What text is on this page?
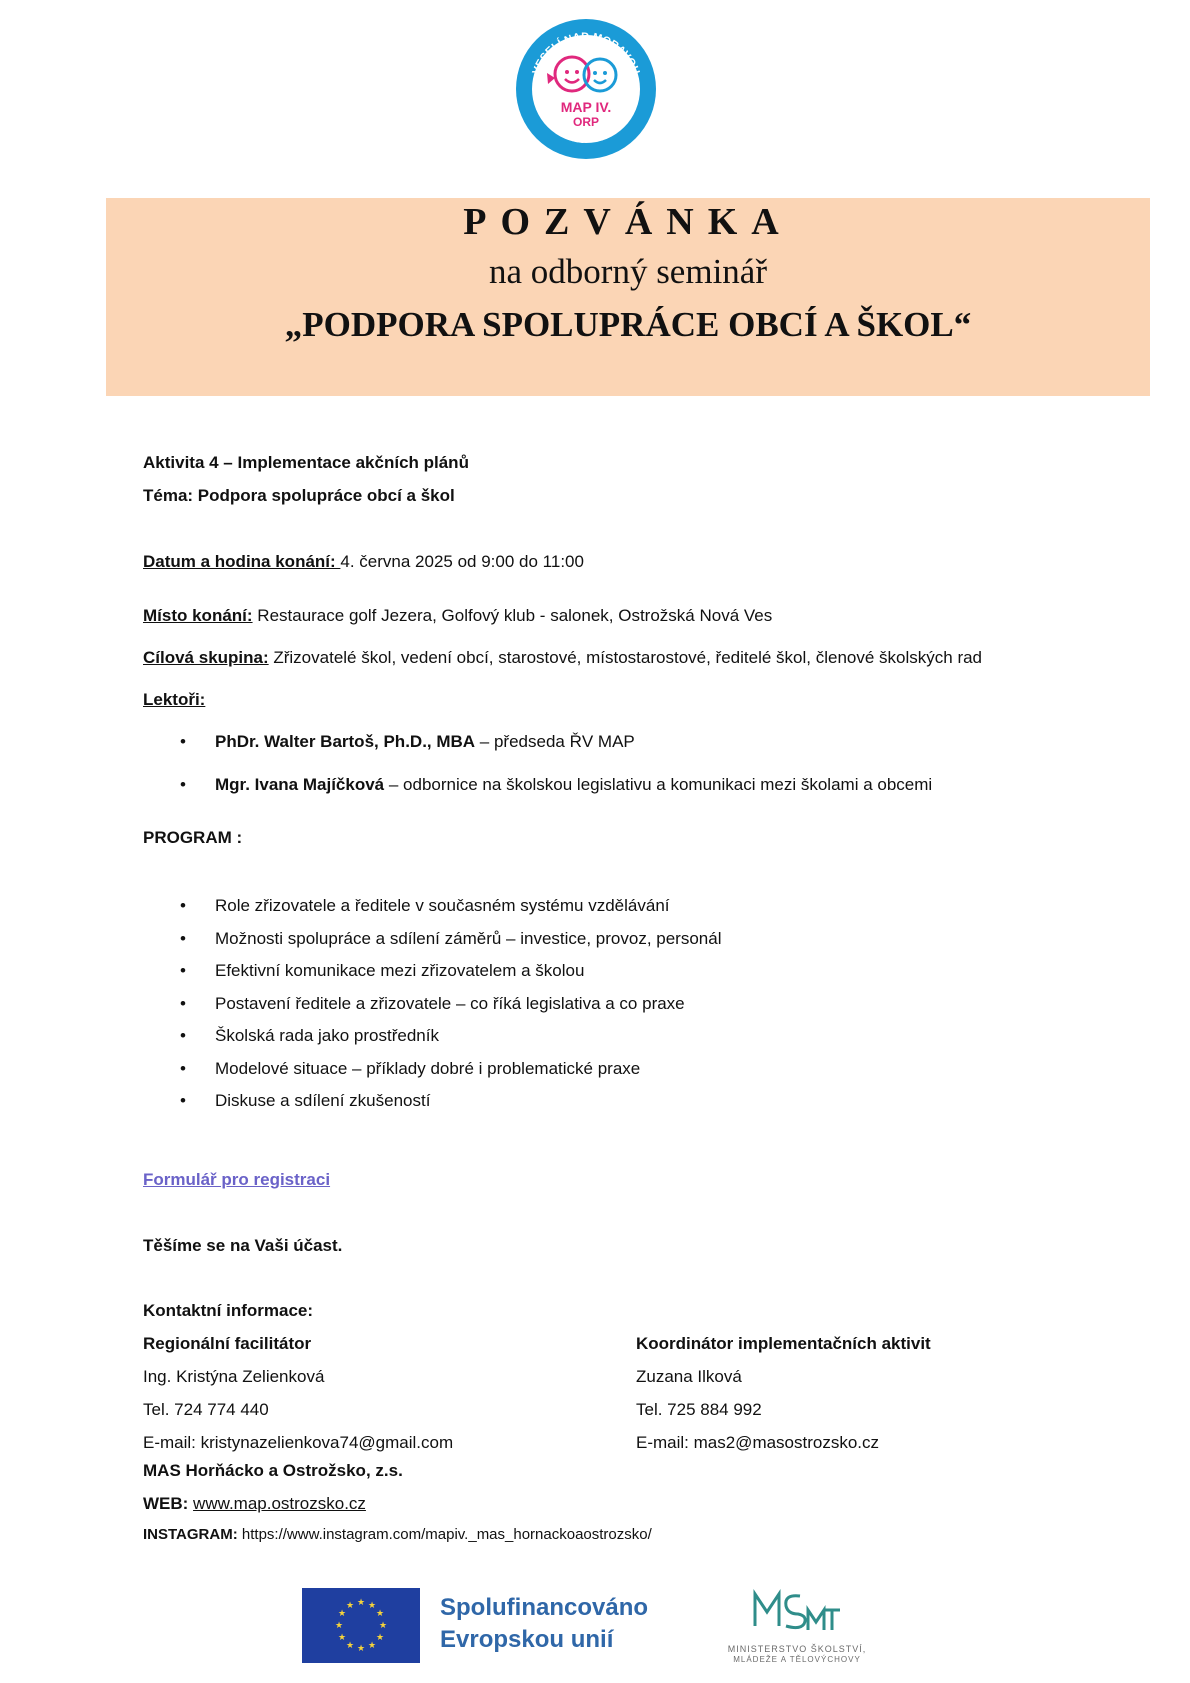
VESELÍ NAD MORAVOU
OSTROŽSKO – KUNOVICE
MAP IV.
ORP
POZVÁNKA
na odborný seminář
„PODPORA SPOLUPRÁCE OBCÍ A ŠKOL“
Aktivita 4 – Implementace akčních plánů
Téma: Podpora spolupráce obcí a škol
Datum a hodina konání: 4. června 2025 od 9:00 do 11:00
Místo konání: Restaurace golf Jezera, Golfový klub - salonek, Ostrožská Nová Ves
Cílová skupina: Zřizovatelé škol, vedení obcí, starostové, místostarostové, ředitelé škol, členové školských rad
Lektoři:
• PhDr. Walter Bartoš, Ph.D., MBA – předseda ŘV MAP
• Mgr. Ivana Majíčková – odbornice na školskou legislativu a komunikaci mezi školami a obcemi
PROGRAM :
• Role zřizovatele a ředitele v současném systému vzdělávání
• Možnosti spolupráce a sdílení záměrů – investice, provoz, personál
• Efektivní komunikace mezi zřizovatelem a školou
• Postavení ředitele a zřizovatele – co říká legislativa a co praxe
• Školská rada jako prostředník
• Modelové situace – příklady dobré i problematické praxe
• Diskuse a sdílení zkušeností
Formulář pro registraci
Těšíme se na Vaši účast.
Kontaktní informace:
Regionální facilitátor
Ing. Kristýna Zelienková
Tel. 724 774 440
E-mail: kristynazelienkova74@gmail.com
Koordinátor implementačních aktivit
Zuzana Ilková
Tel. 725 884 992
E-mail: mas2@masostrozsko.cz
MAS Horňácko a Ostrožsko, z.s.
WEB: www.map.ostrozsko.cz
INSTAGRAM: https://www.instagram.com/mapiv._mas_hornackoaostrozsko/
★ ★
★
★
★
★
★
★
★
★
★
★	Spolufinancováno
Evropskou unií	MINISTERSTVO ŠKOLSTVÍ,
MLÁDEŽE A TĚLOVÝCHOVY
